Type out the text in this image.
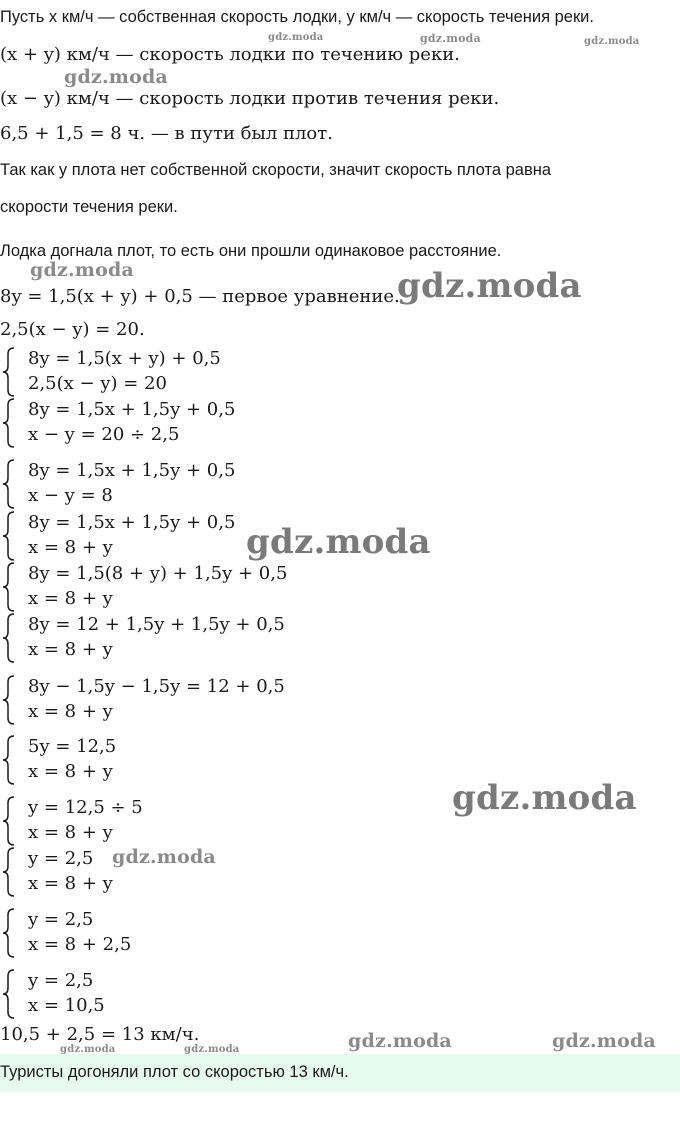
Пусть x км/ч — собственная скорость лодки, y км/ч — скорость течения реки.
(x + y) км/ч — скорость лодки по течению реки.
(x − y) км/ч — скорость лодки против течения реки.
6,5 + 1,5 = 8 ч. — в пути был плот.
Так как у плота нет собственной скорости, значит скорость плота равна
скорости течения реки.
Лодка догнала плот, то есть они прошли одинаковое расстояние.
8y = 1,5(x + y) + 0,5 — первое уравнение.
2,5(x − y) = 20.
8y = 1,5(x + y) + 0,5
2,5(x − y) = 20
8y = 1,5x + 1,5y + 0,5
x − y = 20 ÷ 2,5
8y = 1,5x + 1,5y + 0,5
x − y = 8
8y = 1,5x + 1,5y + 0,5
x = 8 + y
8y = 1,5(8 + y) + 1,5y + 0,5
x = 8 + y
8y = 12 + 1,5y + 1,5y + 0,5
x = 8 + y
8y − 1,5y − 1,5y = 12 + 0,5
x = 8 + y
5y = 12,5
x = 8 + y
y = 12,5 ÷ 5
x = 8 + y
y = 2,5
x = 8 + y
y = 2,5
x = 8 + 2,5
y = 2,5
x = 10,5
10,5 + 2,5 = 13 км/ч.
Туристы догоняли плот со скоростью 13 км/ч.
gdz.moda	gdz.moda	gdz.moda
gdz.moda
gdz.moda	gdz.moda
gdz.moda
gdz.moda
gdz.moda
gdz.moda	gdz.moda	gdz.moda	gdz.moda
